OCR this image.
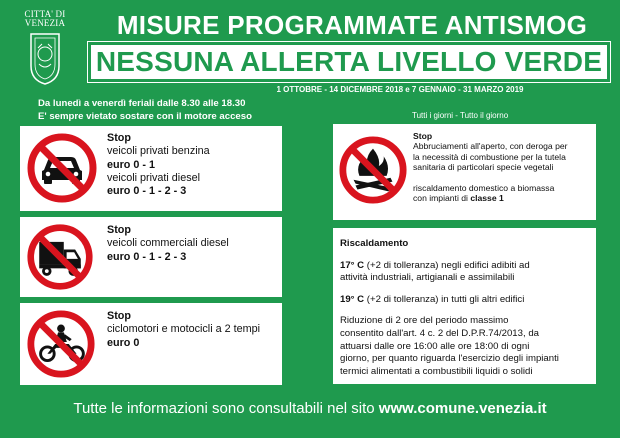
CITTA' DI
VENEZIA	MISURE PROGRAMMATE ANTISMOG
NESSUNA ALLERTA LIVELLO VERDE
1 OTTOBRE - 14 DICEMBRE 2018 e 7 GENNAIO - 31 MARZO 2019
Da lunedì a venerdì feriali dalle 8.30 alle 18.30
E' sempre vietato sostare con il motore acceso	Tutti i giorni - Tutto il giorno
Stop
veicoli privati benzina
euro 0 - 1
veicoli privati diesel
euro 0 - 1 - 2 - 3
Stop
veicoli commerciali diesel
euro 0 - 1 - 2 - 3
Stop
ciclomotori e motocicli a 2 tempi
euro 0
Stop
Abbruciamenti all'aperto, con deroga per
la necessità di combustione per la tutela
sanitaria di particolari specie vegetali
riscaldamento domestico a biomassa
con impianti di classe 1
Riscaldamento
17° C (+2 di tolleranza) negli edifici adibiti ad
attività industriali, artigianali e assimilabili
19° C (+2 di tolleranza) in tutti gli altri edifici
Riduzione di 2 ore del periodo massimo
consentito dall'art. 4 c. 2 del D.P.R.74/2013, da
attuarsi dalle ore 16:00 alle ore 18:00 di ogni
giorno, per quanto riguarda l'esercizio degli impianti
termici alimentati a combustibili liquidi o solidi
Tutte le informazioni sono consultabili nel sito www.comune.venezia.it
